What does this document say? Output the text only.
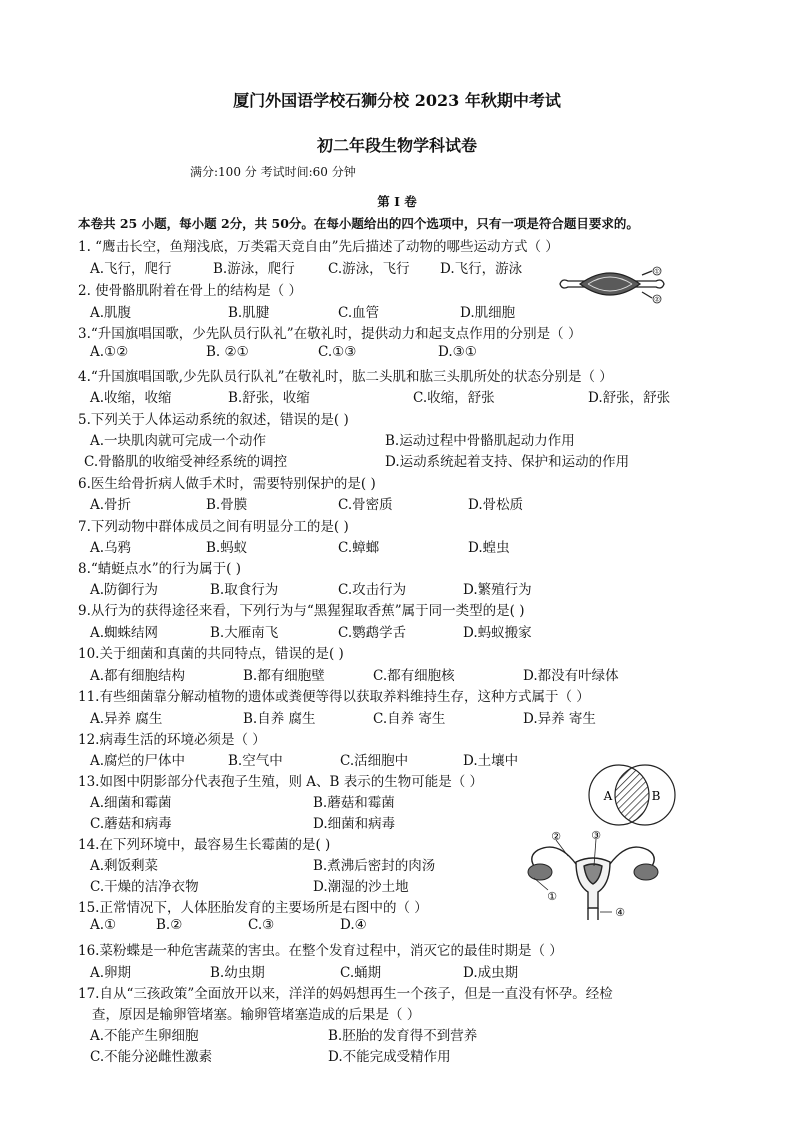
厦门外国语学校石狮分校 2023 年秋期中考试
初二年段生物学科试卷
满分:100 分 考试时间:60 分钟
第 I 卷
本卷共 25 小题，每小题 2分，共 50分。在每小题给出的四个选项中，只有一项是符合题目要求的。
1. “鹰击长空，鱼翔浅底，万类霜天竞自由”先后描述了动物的哪些运动方式（ ）
A.飞行，爬行	B.游泳，爬行 C.游泳，飞行 D.飞行，游泳
2. 使骨骼肌附着在骨上的结构是（ ）
A.肌腹	B.肌腱	C.血管	D.肌细胞
3.“升国旗唱国歌，少先队员行队礼”在敬礼时，提供动力和起支点作用的分别是（ ）
A.①②	B. ②①	C.①③	D.③①
4.“升国旗唱国歌,少先队员行队礼”在敬礼时，肱二头肌和肱三头肌所处的状态分别是（ ）
A.收缩，收缩	B.舒张，收缩	C.收缩，舒张	D.舒张，舒张
5.下列关于人体运动系统的叙述，错误的是( )
A.一块肌肉就可完成一个动作	B.运动过程中骨骼肌起动力作用
C.骨骼肌的收缩受神经系统的调控	D.运动系统起着支持、保护和运动的作用
6.医生给骨折病人做手术时，需要特别保护的是( )
A.骨折	B.骨膜	C.骨密质	D.骨松质
7.下列动物中群体成员之间有明显分工的是( )
A.乌鸦	B.蚂蚁	C.蟑螂	D.蝗虫
8.“蜻蜓点水”的行为属于( )
A.防御行为	B.取食行为	C.攻击行为	D.繁殖行为
9.从行为的获得途径来看，下列行为与“黑猩猩取香蕉”属于同一类型的是( )
A.蜘蛛结网	B.大雁南飞	C.鹦鹉学舌	D.蚂蚁搬家
10.关于细菌和真菌的共同特点，错误的是( )
A.都有细胞结构	B.都有细胞壁	C.都有细胞核	D.都没有叶绿体
11.有些细菌靠分解动植物的遗体或粪便等得以获取养料维持生存，这种方式属于（ ）
A.异养 腐生	B.自养 腐生	C.自养 寄生	D.异养 寄生
12.病毒生活的环境必须是（ ）
A.腐烂的尸体中	B.空气中	C.活细胞中	D.土壤中
13.如图中阴影部分代表孢子生殖，则 A、B 表示的生物可能是（ ）
A.细菌和霉菌	B.蘑菇和霉菌
C.蘑菇和病毒	D.细菌和病毒
14.在下列环境中，最容易生长霉菌的是( )
A.剩饭剩菜	B.煮沸后密封的肉汤
C.干燥的洁净衣物	D.潮湿的沙土地
15.正常情况下，人体胚胎发育的主要场所是右图中的（ ）
A.①	B.②	C.③	D.④
16.菜粉蝶是一种危害蔬菜的害虫。在整个发育过程中，消灭它的最佳时期是（ ）
A.卵期	B.幼虫期	C.蛹期	D.成虫期
17.自从“三孩政策”全面放开以来，洋洋的妈妈想再生一个孩子，但是一直没有怀孕。经检
查，原因是输卵管堵塞。输卵管堵塞造成的后果是（ ）
A.不能产生卵细胞	B.胚胎的发育得不到营养
C.不能分泌雌性激素	D.不能完成受精作用
①
②
A	B
②	③
①
④
